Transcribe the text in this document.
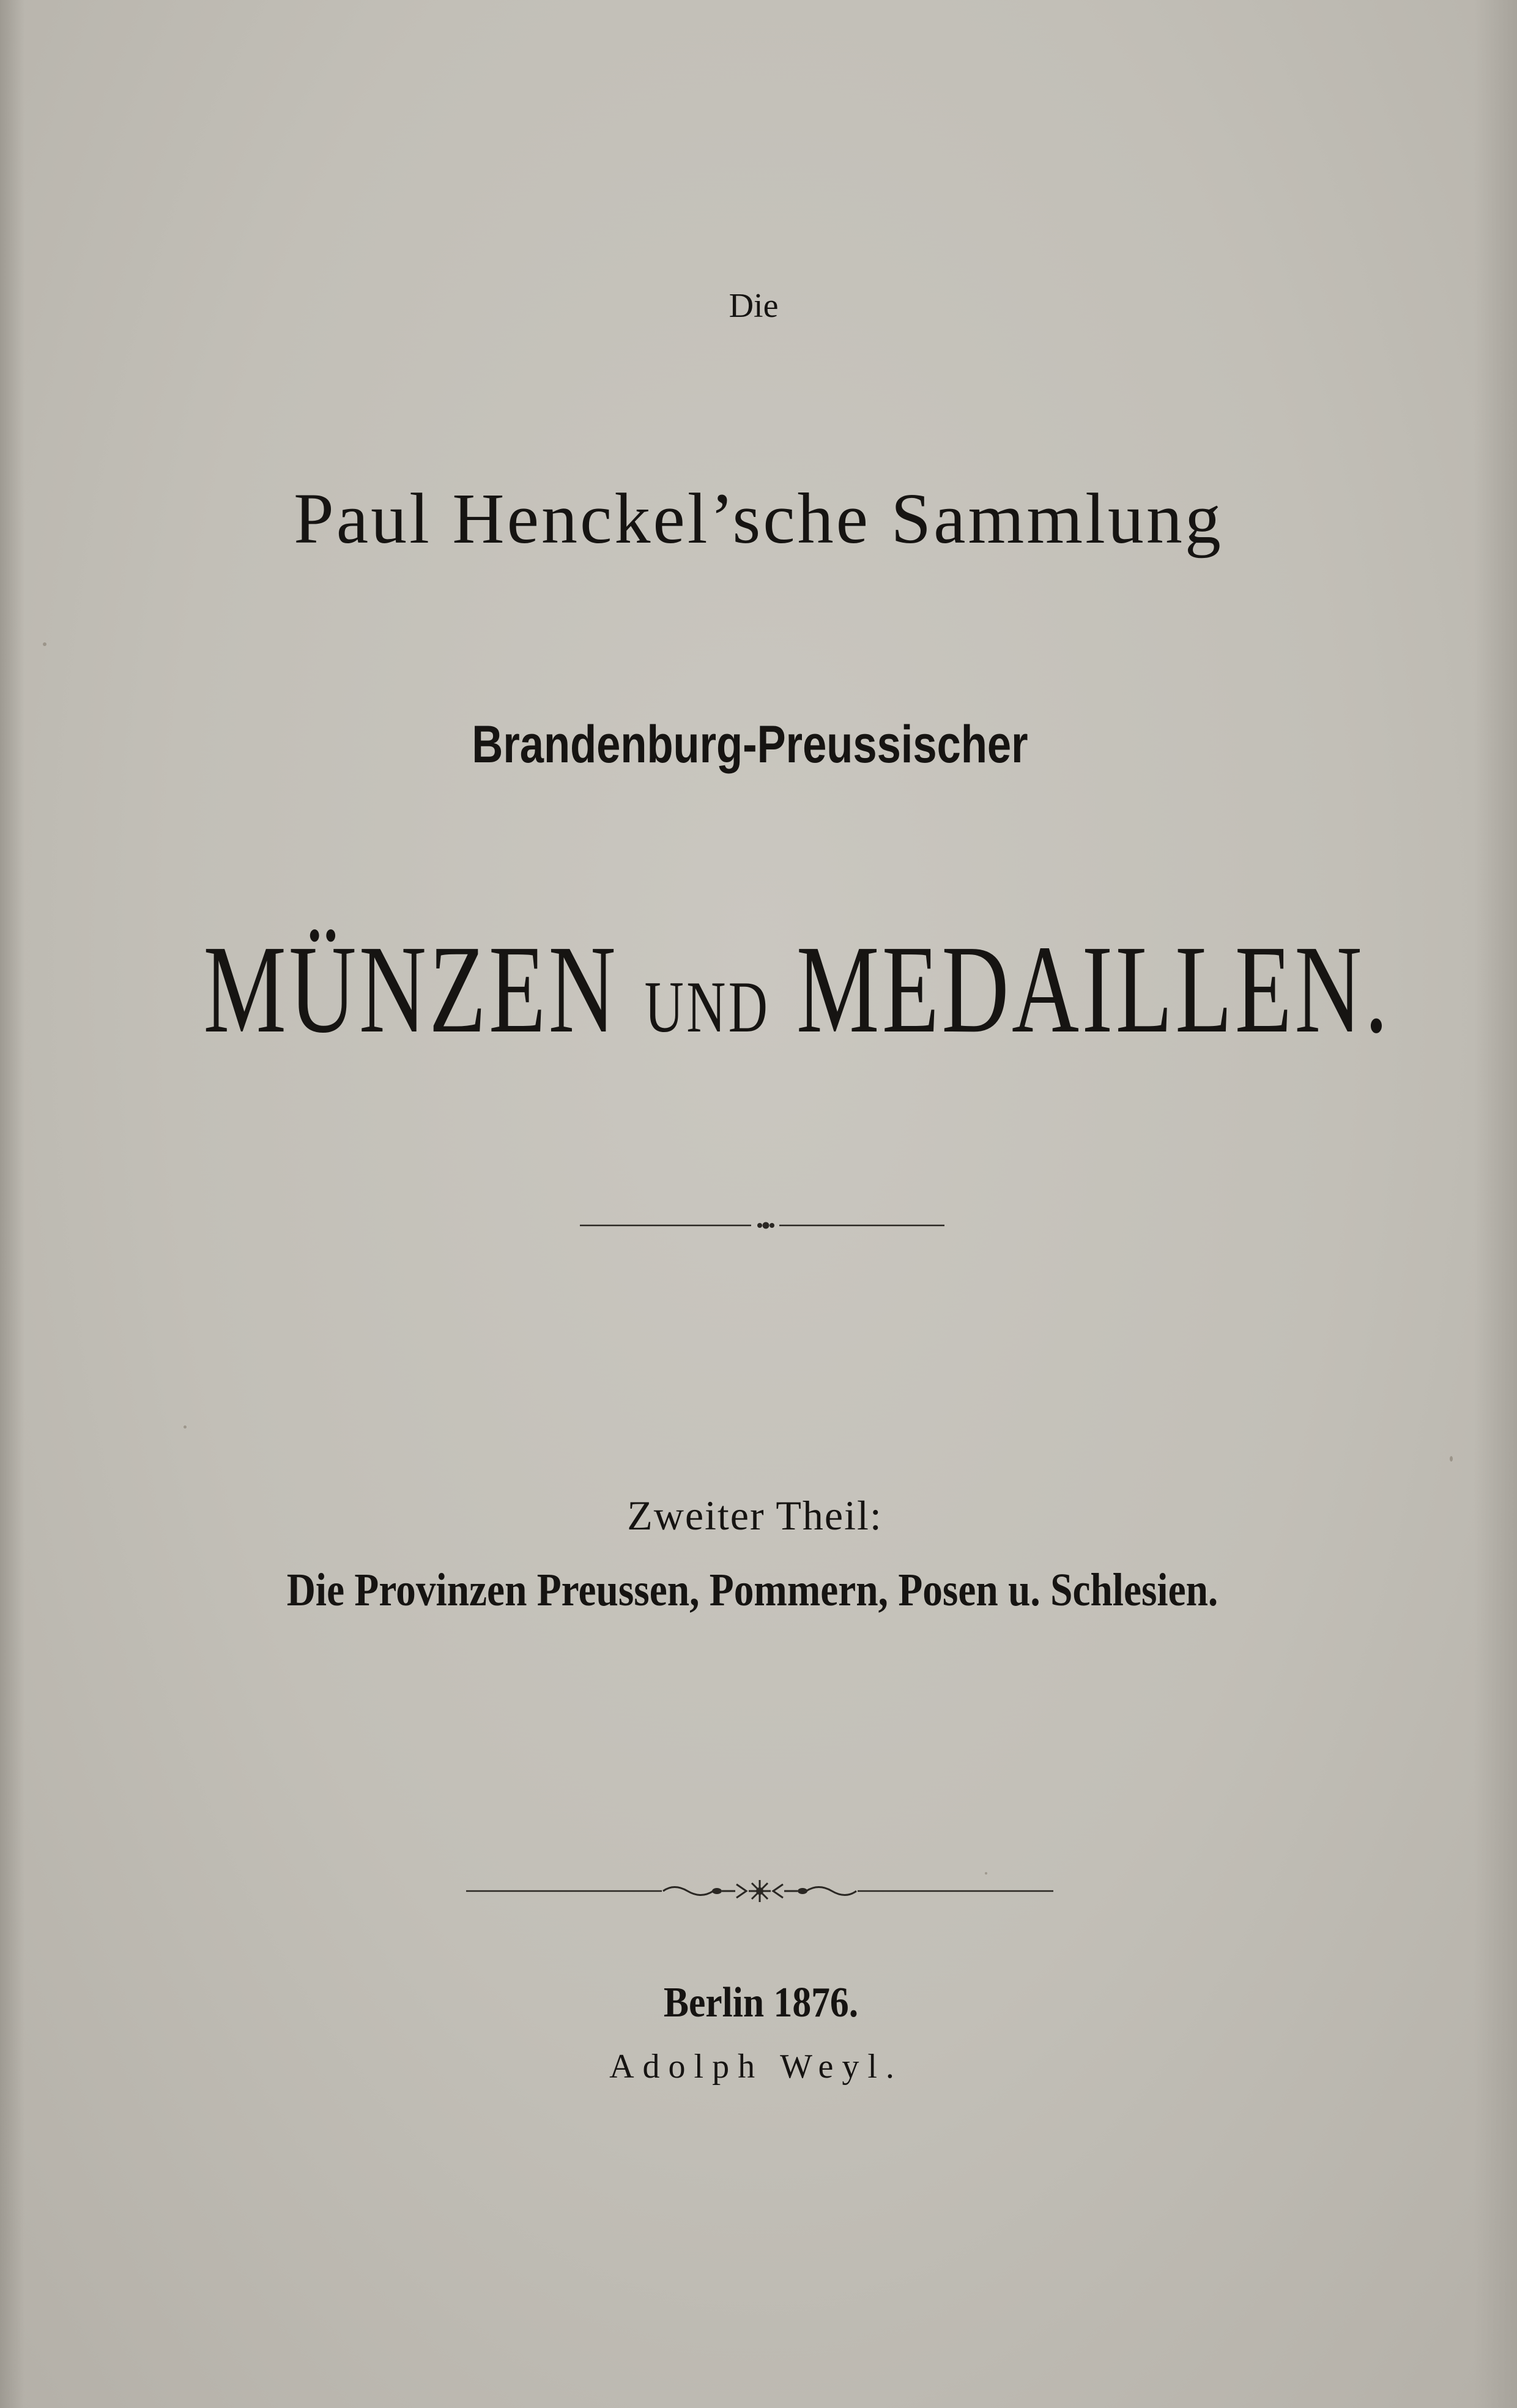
Die
Paul Henckel’sche Sammlung
Brandenburg-Preussischer
MÜNZEN UND MEDAILLEN.
Zweiter Theil:
Die Provinzen Preussen, Pommern, Posen u. Schlesien.
Berlin 1876.
Adolph Weyl.
